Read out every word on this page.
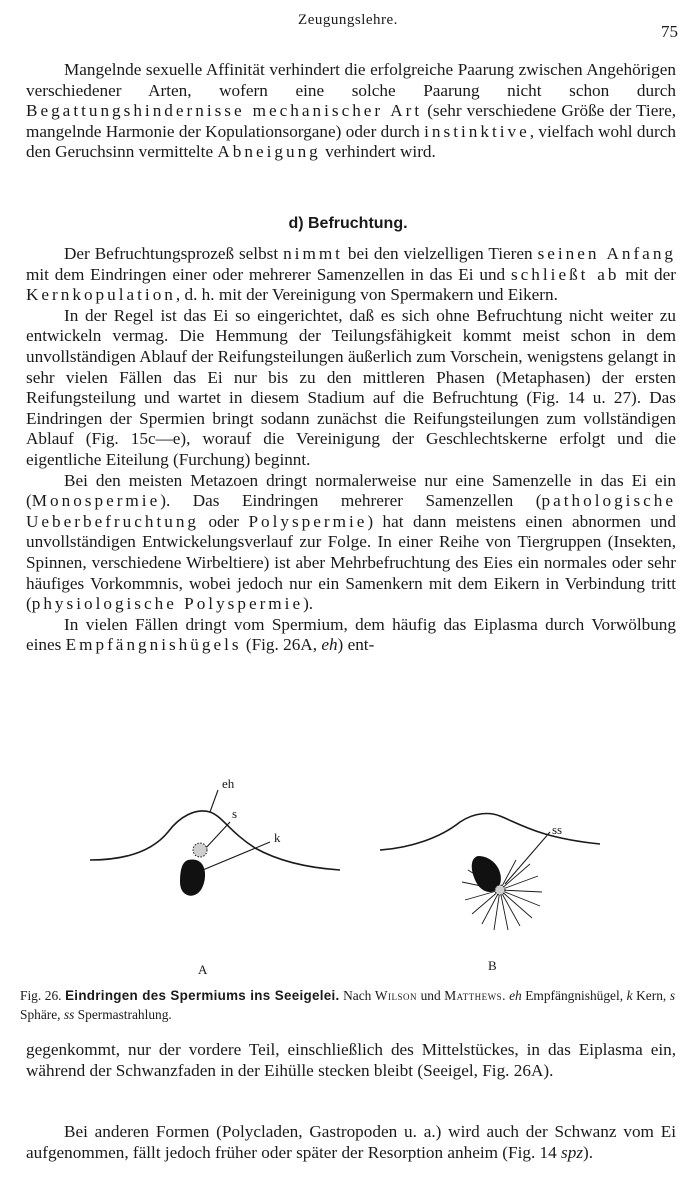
Zeugungslehre.
75

Mangelnde sexuelle Affinität verhindert die erfolgreiche Paarung zwischen Angehörigen verschiedener Arten, wofern eine solche Paarung nicht schon durch Begattungshindernisse mechanischer Art (sehr verschiedene Größe der Tiere, mangelnde Harmonie der Kopulationsorgane) oder durch instinktive, vielfach wohl durch den Geruchsinn vermittelte Abneigung verhindert wird.

d) Befruchtung.

Der Befruchtungsprozeß selbst nimmt bei den vielzelligen Tieren seinen Anfang mit dem Eindringen einer oder mehrerer Samenzellen in das Ei und schließt ab mit der Kernkopulation, d. h. mit der Vereinigung von Spermakern und Eikern.

In der Regel ist das Ei so eingerichtet, daß es sich ohne Befruchtung nicht weiter zu entwickeln vermag. Die Hemmung der Teilungsfähigkeit kommt meist schon in dem unvollständigen Ablauf der Reifungsteilungen äußerlich zum Vorschein, wenigstens gelangt in sehr vielen Fällen das Ei nur bis zu den mittleren Phasen (Metaphasen) der ersten Reifungsteilung und wartet in diesem Stadium auf die Befruchtung (Fig. 14 u. 27). Das Eindringen der Spermien bringt sodann zunächst die Reifungsteilungen zum vollständigen Ablauf (Fig. 15c—e), worauf die Vereinigung der Geschlechtskerne erfolgt und die eigentliche Eiteilung (Furchung) beginnt.

Bei den meisten Metazoen dringt normalerweise nur eine Samenzelle in das Ei ein (Monospermie). Das Eindringen mehrerer Samenzellen (pathologische Ueberbefruchtung oder Polyspermie) hat dann meistens einen abnormen und unvollständigen Entwickelungsverlauf zur Folge. In einer Reihe von Tiergruppen (Insekten, Spinnen, verschiedene Wirbeltiere) ist aber Mehrbefruchtung des Eies ein normales oder sehr häufiges Vorkommnis, wobei jedoch nur ein Samenkern mit dem Eikern in Verbindung tritt (physiologische Polyspermie).

In vielen Fällen dringt vom Spermium, dem häufig das Eiplasma durch Vorwölbung eines Empfängnishügels (Fig. 26A, eh) ent-

eh
s
k
ss
A	B
Fig. 26. Eindringen des Spermiums ins Seeigelei. Nach Wilson und Matthews. eh Empfängnishügel, k Kern, s Sphäre, ss Spermastrahlung.

gegenkommt, nur der vordere Teil, einschließlich des Mittelstückes, in das Eiplasma ein, während der Schwanzfaden in der Eihülle stecken bleibt (Seeigel, Fig. 26A).

Bei anderen Formen (Polycladen, Gastropoden u. a.) wird auch der Schwanz vom Ei aufgenommen, fällt jedoch früher oder später der Resorption anheim (Fig. 14 spz).
